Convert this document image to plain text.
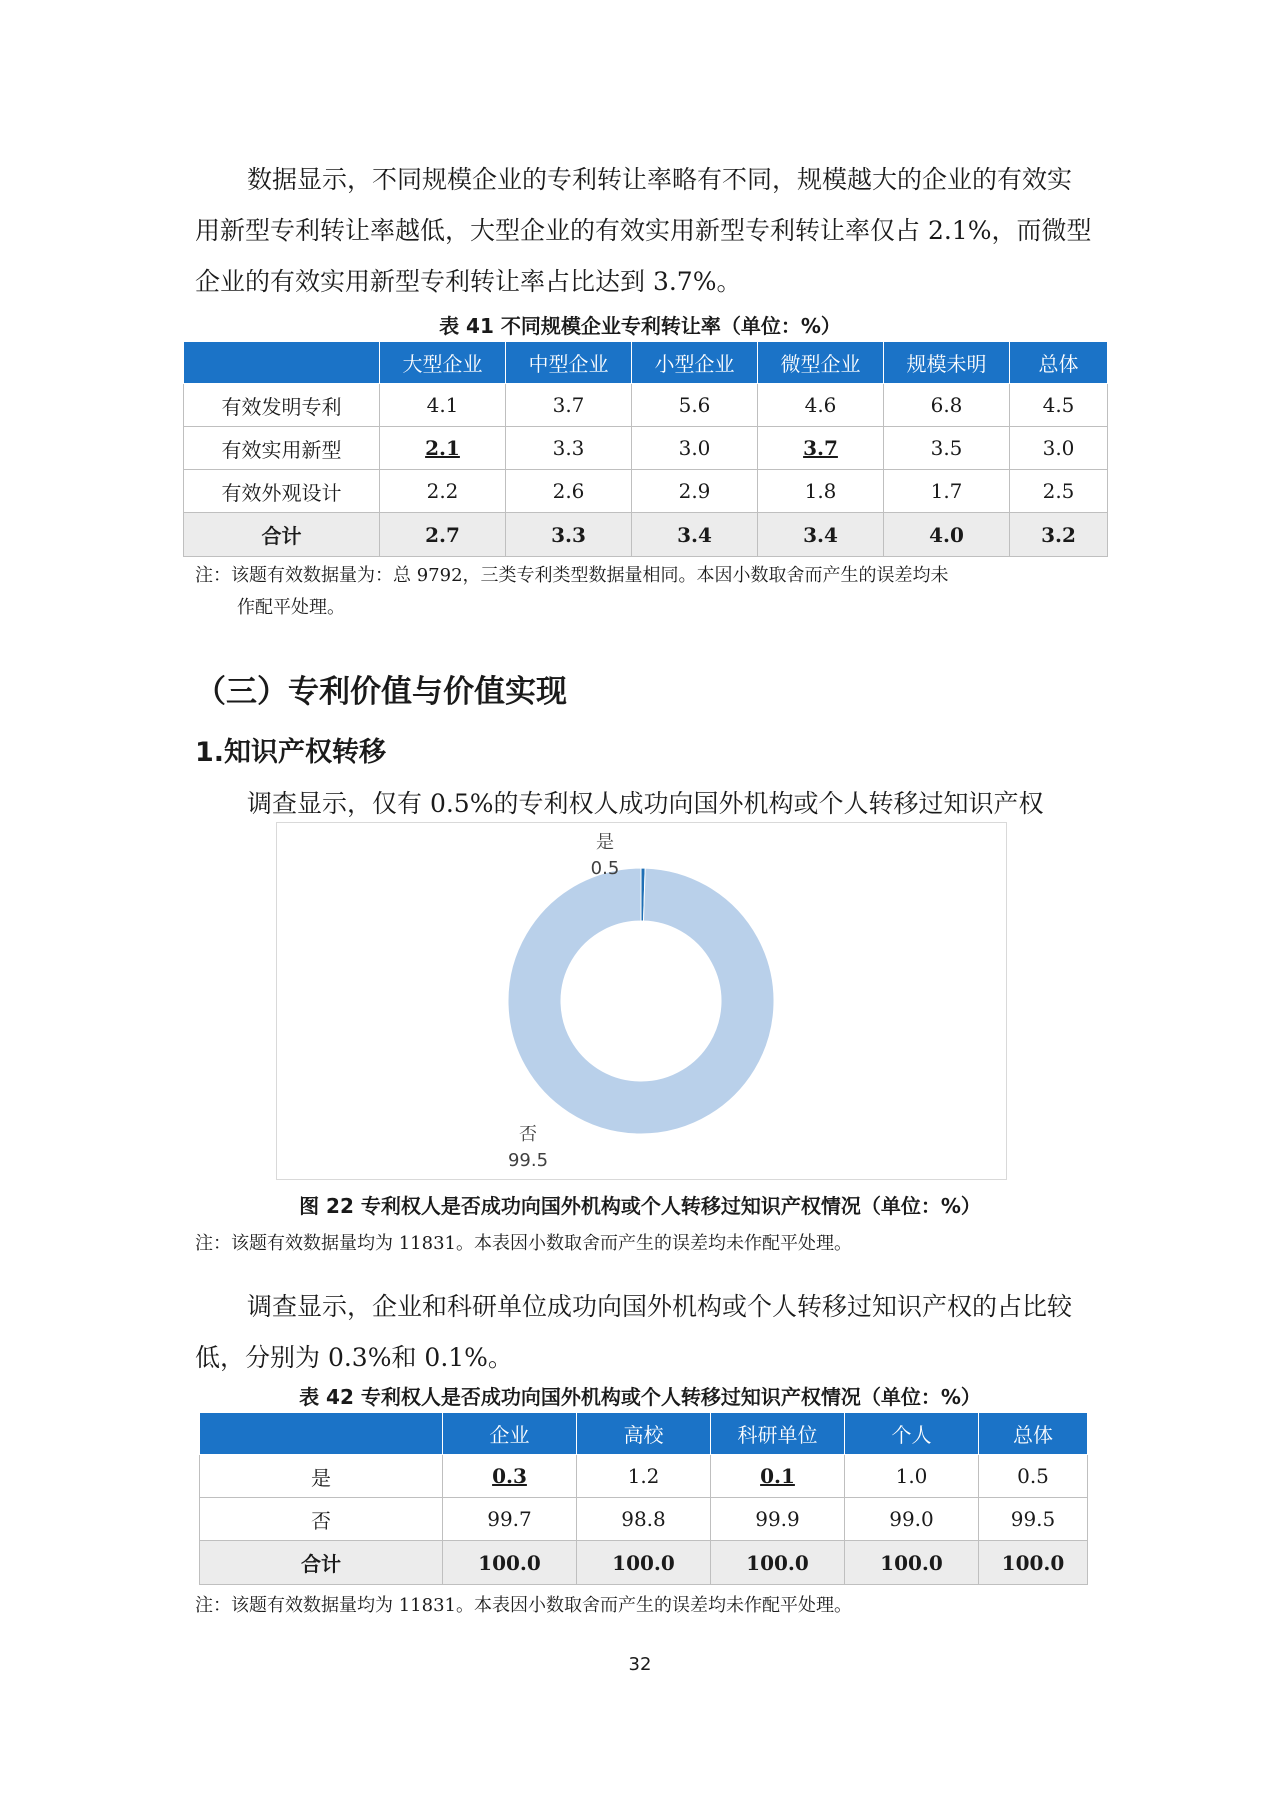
数据显示，不同规模企业的专利转让率略有不同，规模越大的企业的有效实用新型专利转让率越低，大型企业的有效实用新型专利转让率仅占 2.1%，而微型企业的有效实用新型专利转让率占比达到 3.7%。

表 41 不同规模企业专利转让率（单位：%）

	大型企业	中型企业	小型企业	微型企业	规模未明	总体
有效发明专利	4.1	3.7	5.6	4.6	6.8	4.5
有效实用新型	2.1	3.3	3.0	3.7	3.5	3.0
有效外观设计	2.2	2.6	2.9	1.8	1.7	2.5
合计	2.7	3.3	3.4	3.4	4.0	3.2
注：该题有效数据量为：总 9792，三类专利类型数据量相同。本因小数取舍而产生的误差均未
作配平处理。
（三）专利价值与价值实现
1.知识产权转移

调查显示，仅有 0.5%的专利权人成功向国外机构或个人转移过知识产权

是
0.5
否
99.5

图 22 专利权人是否成功向国外机构或个人转移过知识产权情况（单位：%）

注：该题有效数据量均为 11831。本表因小数取舍而产生的误差均未作配平处理。

调查显示，企业和科研单位成功向国外机构或个人转移过知识产权的占比较低，分别为 0.3%和 0.1%。

表 42 专利权人是否成功向国外机构或个人转移过知识产权情况（单位：%）

	企业	高校	科研单位	个人	总体
是	0.3	1.2	0.1	1.0	0.5
否	99.7	98.8	99.9	99.0	99.5
合计	100.0	100.0	100.0	100.0	100.0
注：该题有效数据量均为 11831。本表因小数取舍而产生的误差均未作配平处理。
32
